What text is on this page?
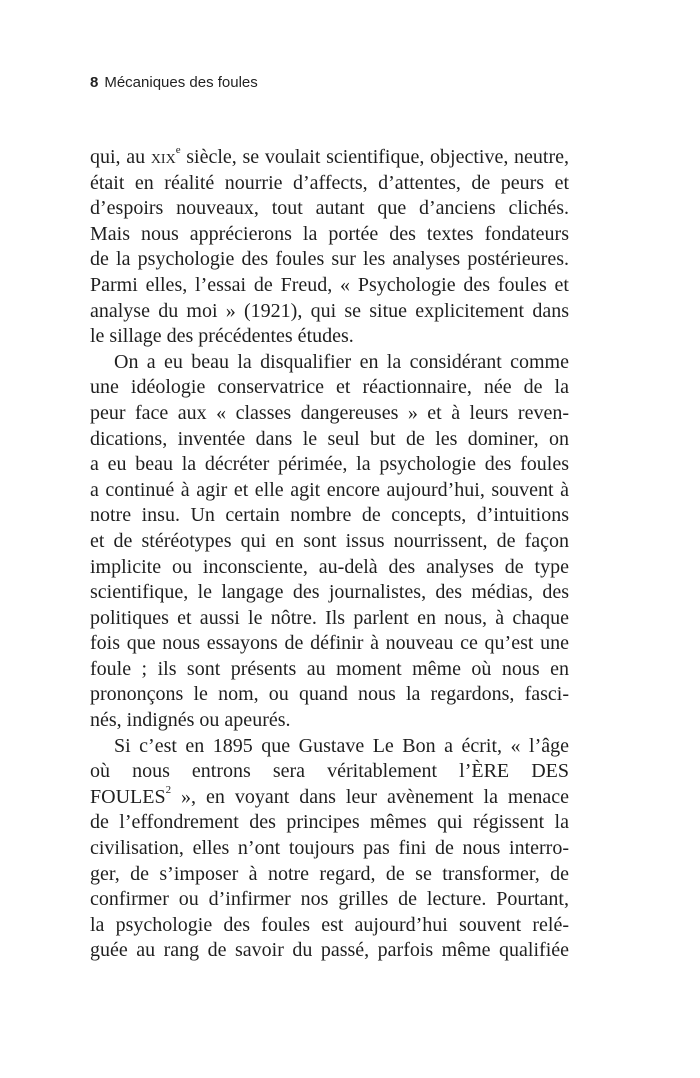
8 Mécaniques des foules
qui, au xix$^e$ siècle, se voulait scientifique, objective, neutre,
était en réalité nourrie d’affects, d’attentes, de peurs et
d’espoirs nouveaux, tout autant que d’anciens clichés.
Mais nous apprécierons la portée des textes fondateurs
de la psychologie des foules sur les analyses postérieures.
Parmi elles, l’essai de Freud, « Psychologie des foules et
analyse du moi » (1921), qui se situe explicitement dans
le sillage des précédentes études.
On a eu beau la disqualifier en la considérant comme
une idéologie conservatrice et réactionnaire, née de la
peur face aux « classes dangereuses » et à leurs reven-
dications, inventée dans le seul but de les dominer, on
a eu beau la décréter périmée, la psychologie des foules
a continué à agir et elle agit encore aujourd’hui, souvent à
notre insu. Un certain nombre de concepts, d’intuitions
et de stéréotypes qui en sont issus nourrissent, de façon
implicite ou inconsciente, au-delà des analyses de type
scientifique, le langage des journalistes, des médias, des
politiques et aussi le nôtre. Ils parlent en nous, à chaque
fois que nous essayons de définir à nouveau ce qu’est une
foule ; ils sont présents au moment même où nous en
prononçons le nom, ou quand nous la regardons, fasci-
nés, indignés ou apeurés.
Si c’est en 1895 que Gustave Le Bon a écrit, « l’âge
où nous entrons sera véritablement l’ÈRE DES
FOULES$^2$ », en voyant dans leur avènement la menace
de l’effondrement des principes mêmes qui régissent la
civilisation, elles n’ont toujours pas fini de nous interro-
ger, de s’imposer à notre regard, de se transformer, de
confirmer ou d’infirmer nos grilles de lecture. Pourtant,
la psychologie des foules est aujourd’hui souvent relé-
guée au rang de savoir du passé, parfois même qualifiée
